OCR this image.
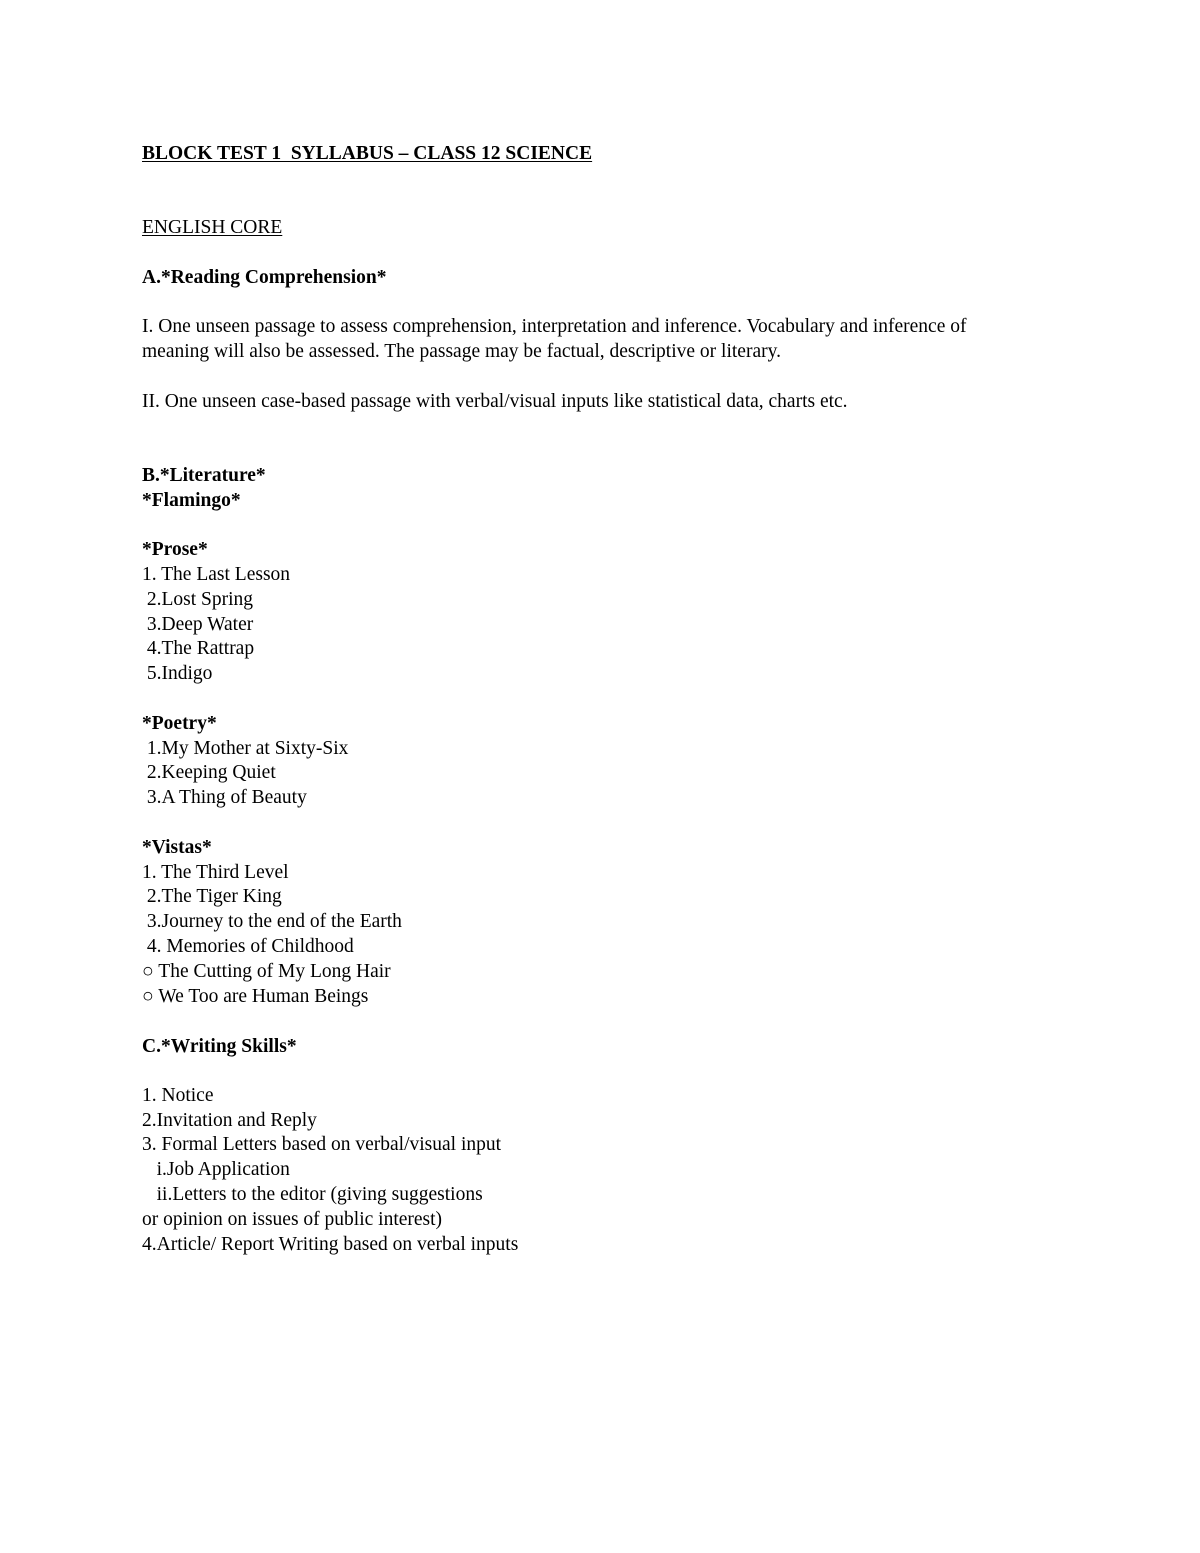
BLOCK TEST 1  SYLLABUS – CLASS 12 SCIENCE

ENGLISH CORE

A.*Reading Comprehension*

I. One unseen passage to assess comprehension, interpretation and inference. Vocabulary and inference of

meaning will also be assessed. The passage may be factual, descriptive or literary.

II. One unseen case-based passage with verbal/visual inputs like statistical data, charts etc.

B.*Literature*

*Flamingo*

*Prose*

1. The Last Lesson

2.Lost Spring

3.Deep Water

4.The Rattrap

5.Indigo

*Poetry*

1.My Mother at Sixty-Six

2.Keeping Quiet

3.A Thing of Beauty

*Vistas*

1. The Third Level

2.The Tiger King

3.Journey to the end of the Earth

4. Memories of Childhood

○ The Cutting of My Long Hair

○ We Too are Human Beings

C.*Writing Skills*

1. Notice

2.Invitation and Reply

3. Formal Letters based on verbal/visual input

i.Job Application

ii.Letters to the editor (giving suggestions

or opinion on issues of public interest)

4.Article/ Report Writing based on verbal inputs
